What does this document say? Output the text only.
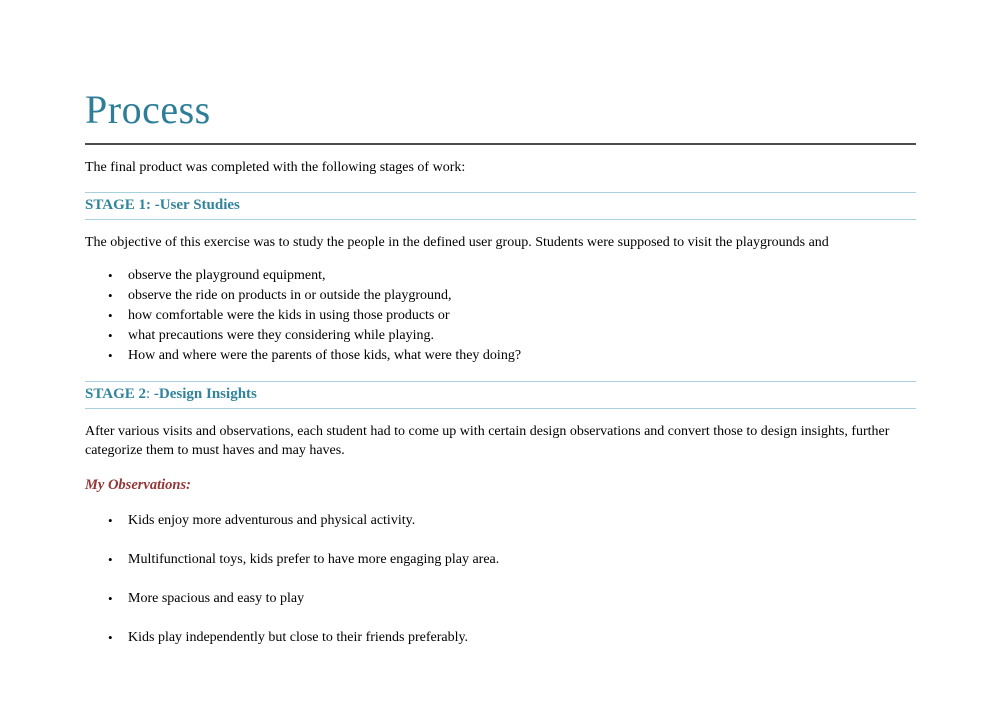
Process

The final product was completed with the following stages of work:

STAGE 1: -User Studies

The objective of this exercise was to study the people in the defined user group. Students were supposed to visit the playgrounds and

•	observe the playground equipment,
•	observe the ride on products in or outside the playground,
•	how comfortable were the kids in using those products or
•	what precautions were they considering while playing.
•	How and where were the parents of those kids, what were they doing?
STAGE 2: -Design Insights

After various visits and observations, each student had to come up with certain design observations and convert those to design insights, further categorize them to must haves and may haves.

My Observations:

•	Kids enjoy more adventurous and physical activity.
•	Multifunctional toys, kids prefer to have more engaging play area.
•	More spacious and easy to play
•	Kids play independently but close to their friends preferably.
